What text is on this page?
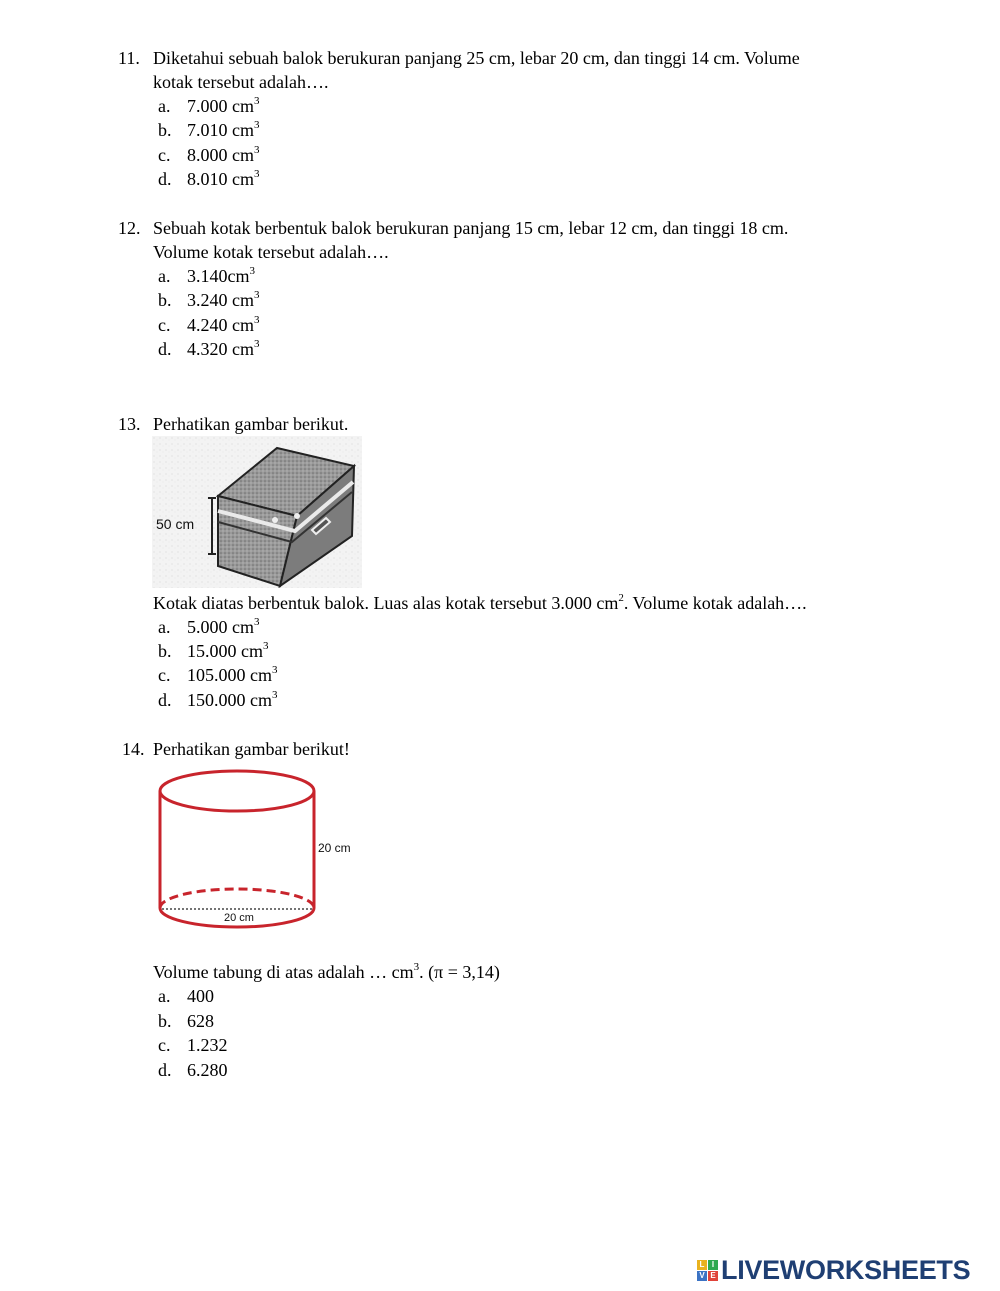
11. Diketahui sebuah balok berukuran panjang 25 cm, lebar 20 cm, dan tinggi 14 cm. Volume
kotak tersebut adalah….
a. 7.000 $cm^3$
b. 7.010 $cm^3$
c. 8.000 $cm^3$
d. 8.010 $cm^3$
12. Sebuah kotak berbentuk balok berukuran panjang 15 cm, lebar 12 cm, dan tinggi 18 cm.
Volume kotak tersebut adalah….
a. $3.140cm^3$
b. 3.240 $cm^3$
c. 4.240 $cm^3$
d. 4.320 $cm^3$
13. Perhatikan gambar berikut.
50 cm
Kotak diatas berbentuk balok. Luas alas kotak tersebut 3.000 $cm^2$. Volume kotak adalah….
a. 5.000 $cm^3$
b. 15.000 $cm^3$
c. 105.000 $cm^3$
d. 150.000 $cm^3$
14. Perhatikan gambar berikut!
20 cm
20 cm
Volume tabung di atas adalah … $cm^3$. (π = 3,14)
a. 400
b. 628
c. 1.232
d. 6.280
L I
V E LIVEWORKSHEETS
